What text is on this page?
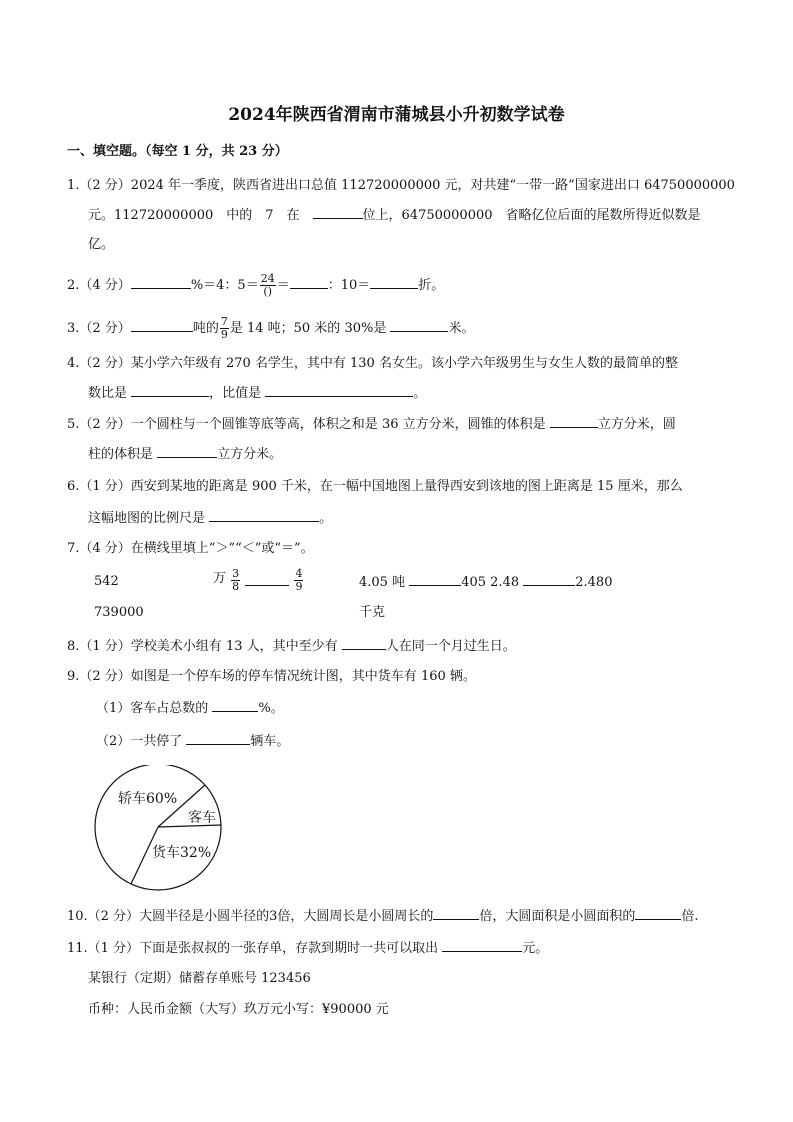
2024年陕西省渭南市蒲城县小升初数学试卷
一、填空题。（每空 1 分，共 23 分）
1.（2 分）2024 年一季度，陕西省进出口总值 112720000000 元，对共建“一带一路”国家进出口 64750000000
元。112720000000　中的　7　在　	位上，64750000000　省略亿位后面的尾数所得近似数是
亿。
2.（4 分）	%＝4：$5= \frac{24}{()}$ ＝	：10＝	折。
3.（2 分）	吨的 $\frac{7}{9}$ 是 14 吨；50 米的 30%是	米。
4.（2 分）某小学六年级有 270 名学生，其中有 130 名女生。该小学六年级男生与女生人数的最简单的整
数比是	，比值是	。
5.（2 分）一个圆柱与一个圆锥等底等高，体积之和是 36 立方分米，圆锥的体积是	立方分米，圆
柱的体积是	立方分米。
6.（1 分）西安到某地的距离是 900 千米，在一幅中国地图上量得西安到该地的图上距离是 15 厘米，那么
这幅地图的比例尺是	。
7.（4 分）在横线里填上“＞”“＜”或“＝”。
542
739000
万 $\frac{3}{8}$
	$\frac{4}{9}$	4.05 吨	405 2.48	2.480
千克
8.（1 分）学校美术小组有 13 人，其中至少有	人在同一个月过生日。
9.（2 分）如图是一个停车场的停车情况统计图，其中货车有 160 辆。
（1）客车占总数的	%。
（2）一共停了	辆车。
轿车60%
客车
货车32%
10.（2 分）大圆半径是小圆半径的3倍，大圆周长是小圆周长的	倍，大圆面积是小圆面积的	倍.
11.（1 分）下面是张叔叔的一张存单，存款到期时一共可以取出	元。
某银行（定期）储蓄存单账号 123456
币种：人民币金额（大写）玖万元小写：¥90000 元
